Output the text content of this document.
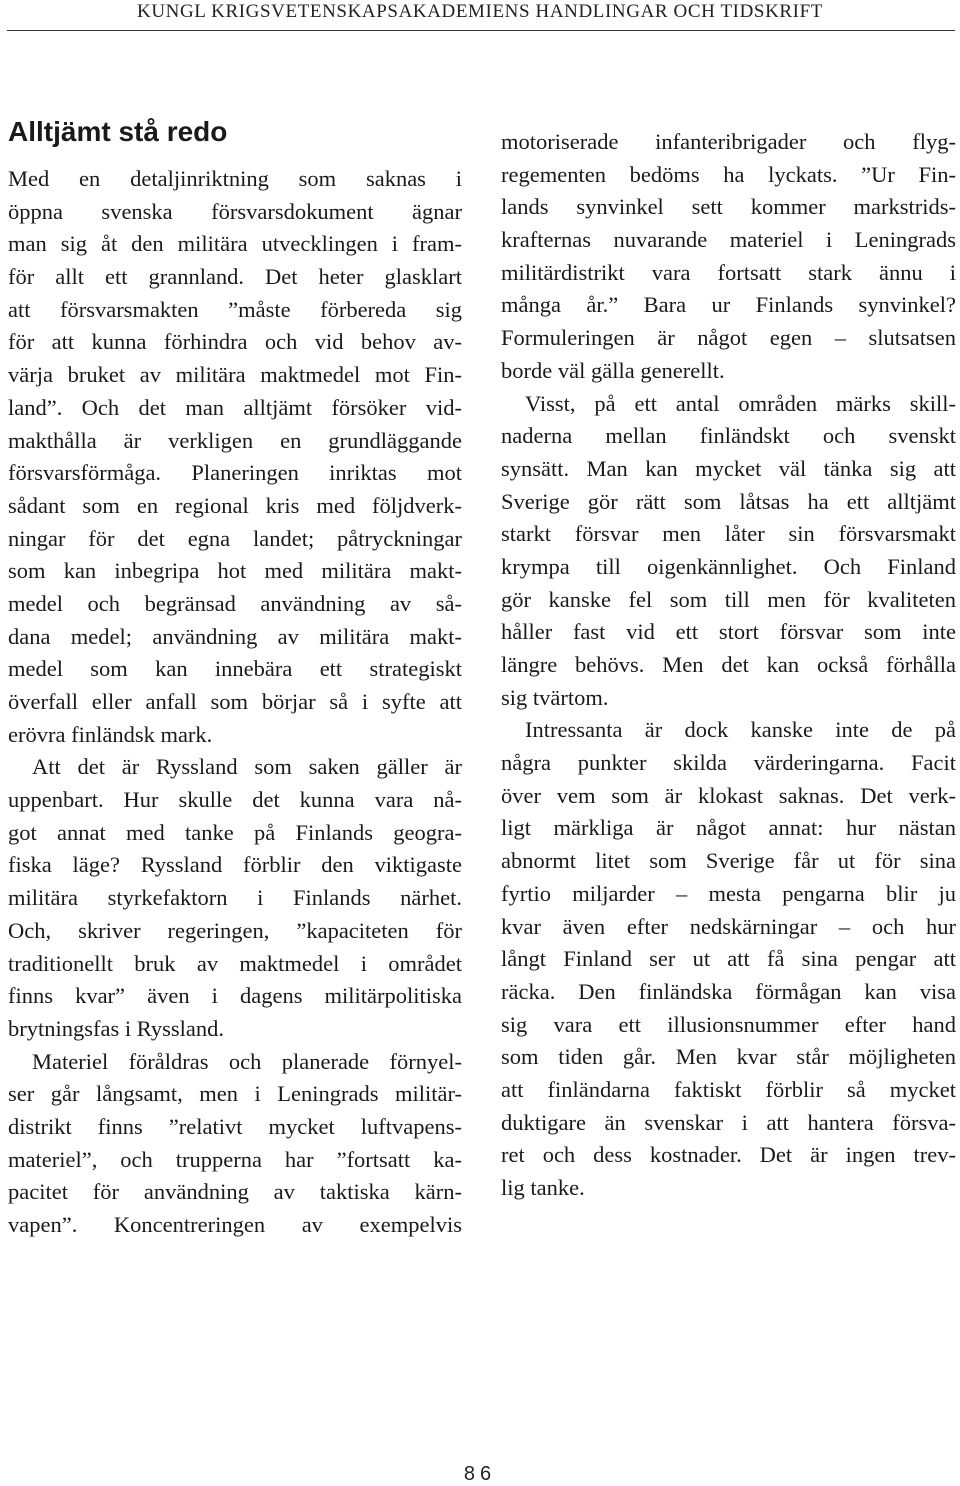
KUNGL KRIGSVETENSKAPSAKADEMIENS HANDLINGAR OCH TIDSKRIFT
Alltjämt stå redo
Med en detaljinriktning som saknas i
öppna svenska försvarsdokument ägnar
man sig åt den militära utvecklingen i fram-
för allt ett grannland. Det heter glasklart
att försvarsmakten ”måste förbereda sig
för att kunna förhindra och vid behov av-
värja bruket av militära maktmedel mot Fin-
land”. Och det man alltjämt försöker vid-
makthålla är verkligen en grundläggande
försvarsförmåga. Planeringen inriktas mot
sådant som en regional kris med följdverk-
ningar för det egna landet; påtryckningar
som kan inbegripa hot med militära makt-
medel och begränsad användning av så-
dana medel; användning av militära makt-
medel som kan innebära ett strategiskt
överfall eller anfall som börjar så i syfte att
erövra finländsk mark.
Att det är Ryssland som saken gäller är
uppenbart. Hur skulle det kunna vara nå-
got annat med tanke på Finlands geogra-
fiska läge? Ryssland förblir den viktigaste
militära styrkefaktorn i Finlands närhet.
Och, skriver regeringen, ”kapaciteten för
traditionellt bruk av maktmedel i området
finns kvar” även i dagens militärpolitiska
brytningsfas i Ryssland.
Materiel föråldras och planerade förnyel-
ser går långsamt, men i Leningrads militär-
distrikt finns ”relativt mycket luftvapens-
materiel”, och trupperna har ”fortsatt ka-
pacitet för användning av taktiska kärn-
vapen”. Koncentreringen av exempelvis
motoriserade infanteribrigader och flyg-
regementen bedöms ha lyckats. ”Ur Fin-
lands synvinkel sett kommer markstrids-
krafternas nuvarande materiel i Leningrads
militärdistrikt vara fortsatt stark ännu i
många år.” Bara ur Finlands synvinkel?
Formuleringen är något egen – slutsatsen
borde väl gälla generellt.
Visst, på ett antal områden märks skill-
naderna mellan finländskt och svenskt
synsätt. Man kan mycket väl tänka sig att
Sverige gör rätt som låtsas ha ett alltjämt
starkt försvar men låter sin försvarsmakt
krympa till oigenkännlighet. Och Finland
gör kanske fel som till men för kvaliteten
håller fast vid ett stort försvar som inte
längre behövs. Men det kan också förhålla
sig tvärtom.
Intressanta är dock kanske inte de på
några punkter skilda värderingarna. Facit
över vem som är klokast saknas. Det verk-
ligt märkliga är något annat: hur nästan
abnormt litet som Sverige får ut för sina
fyrtio miljarder – mesta pengarna blir ju
kvar även efter nedskärningar – och hur
långt Finland ser ut att få sina pengar att
räcka. Den finländska förmågan kan visa
sig vara ett illusionsnummer efter hand
som tiden går. Men kvar står möjligheten
att finländarna faktiskt förblir så mycket
duktigare än svenskar i att hantera försva-
ret och dess kostnader. Det är ingen trev-
lig tanke.
86
